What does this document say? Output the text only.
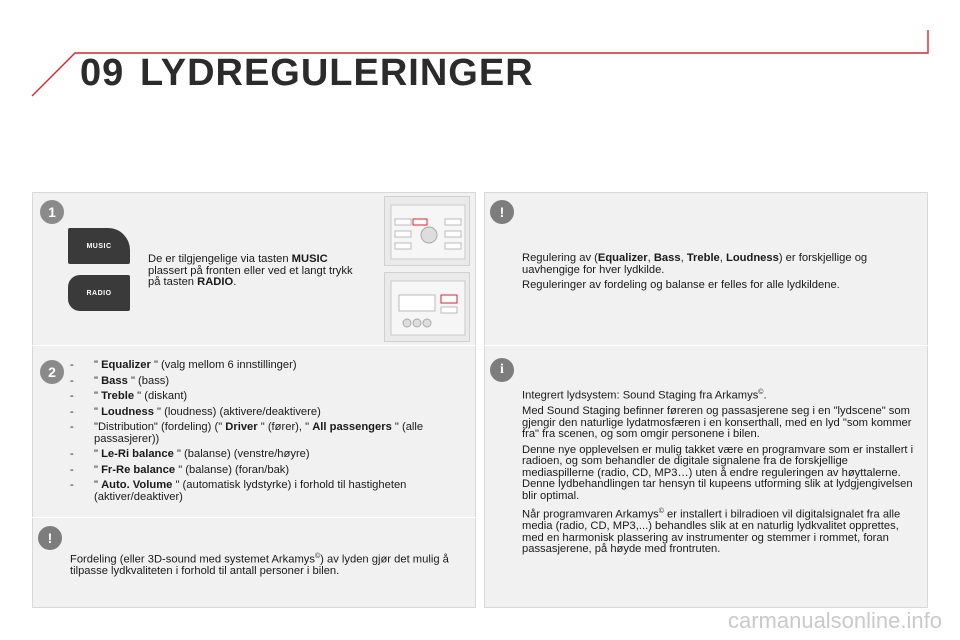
09 LYDREGULERINGER
1
2
!
MUSIC
RADIO
De er tilgjengelige via tasten MUSIC plassert på fronten eller ved et langt trykk på tasten RADIO.
- " Equalizer " (valg mellom 6 innstillinger)
- " Bass " (bass)
- " Treble " (diskant)
- " Loudness " (loudness) (aktivere/deaktivere)
- "Distribution" (fordeling) (" Driver " (fører), " All passengers " (alle passasjerer))
- " Le-Ri balance " (balanse) (venstre/høyre)
- " Fr-Re balance " (balanse) (foran/bak)
- " Auto. Volume " (automatisk lydstyrke) i forhold til hastigheten (aktiver/deaktiver)
Fordeling (eller 3D-sound med systemet Arkamys©) av lyden gjør det mulig å tilpasse lydkvaliteten i forhold til antall personer i bilen.
!
i

Regulering av (Equalizer, Bass, Treble, Loudness) er forskjellige og uavhengige for hver lydkilde.

Reguleringer av fordeling og balanse er felles for alle lydkildene.

Integrert lydsystem: Sound Staging fra Arkamys©.

Med Sound Staging befinner føreren og passasjerene seg i en "lydscene" som gjengir den naturlige lydatmosfæren i en konserthall, med en lyd "som kommer fra" fra scenen, og som omgir personene i bilen.

Denne nye opplevelsen er mulig takket være en programvare som er installert i radioen, og som behandler de digitale signalene fra de forskjellige mediaspillerne (radio, CD, MP3…) uten å endre reguleringen av høyttalerne. Denne lydbehandlingen tar hensyn til kupeens utforming slik at lydgjengivelsen blir optimal.

Når programvaren Arkamys© er installert i bilradioen vil digitalsignalet fra alle media (radio, CD, MP3,...) behandles slik at en naturlig lydkvalitet opprettes, med en harmonisk plassering av instrumenter og stemmer i rommet, foran passasjerene, på høyde med frontruten.

carmanualsonline.info
